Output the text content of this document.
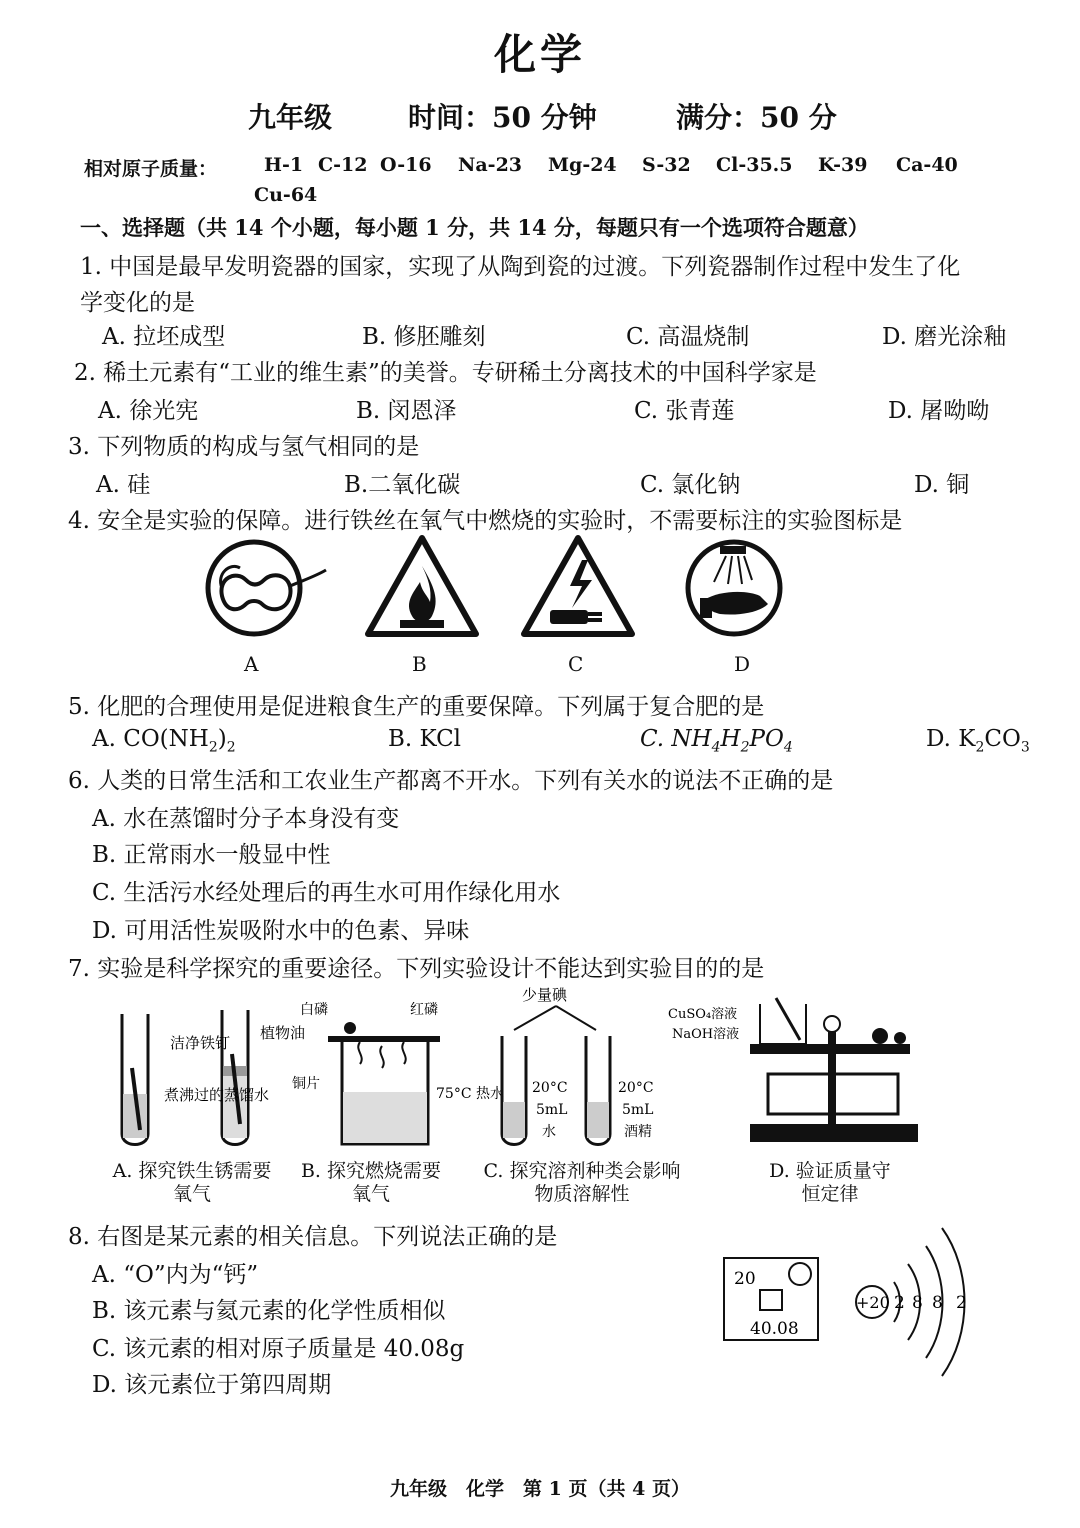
化学
九年级	时间：50 分钟	满分：50 分
相对原子质量： H-1 C-12 O-16 Na-23 Mg-24 S-32 Cl-35.5 K-39 Ca-40
Cu-64
一、选择题（共 14 个小题，每小题 1 分，共 14 分，每题只有一个选项符合题意）
1. 中国是最早发明瓷器的国家，实现了从陶到瓷的过渡。下列瓷器制作过程中发生了化
学变化的是
A. 拉坯成型	B. 修胚雕刻	C. 高温烧制	D. 磨光涂釉
2. 稀土元素有“工业的维生素”的美誉。专研稀土分离技术的中国科学家是
A. 徐光宪	B. 闵恩泽	C. 张青莲	D. 屠呦呦
3. 下列物质的构成与氢气相同的是
A. 硅	B.二氧化碳	C. 氯化钠	D. 铜
4. 安全是实验的保障。进行铁丝在氧气中燃烧的实验时，不需要标注的实验图标是
A	B	C	D
5. 化肥的合理使用是促进粮食生产的重要保障。下列属于复合肥的是
A. $CO(NH_2)_2$	B. KCl	C. $NH_4H_2PO_4$	D. $K_2CO_3$
6. 人类的日常生活和工农业生产都离不开水。下列有关水的说法不正确的是
A. 水在蒸馏时分子本身没有变
B. 正常雨水一般显中性
C. 生活污水经处理后的再生水可用作绿化用水
D. 可用活性炭吸附水中的色素、异味
7. 实验是科学探究的重要途径。下列实验设计不能达到实验目的的是
洁净铁钉
煮沸过的蒸馏水
植物油
白磷	红磷
铜片
75°C 热水
少量碘
20°C
5mL
水
20°C
5mL
酒精
CuSO₄溶液
NaOH溶液
A. 探究铁生锈需要氧气
B. 探究燃烧需要氧气
C. 探究溶剂种类会影响物质溶解性
D. 验证质量守恒定律
8. 右图是某元素的相关信息。下列说法正确的是
A. “O”内为“钙”
B. 该元素与氦元素的化学性质相似
C. 该元素的相对原子质量是 40.08g
D. 该元素位于第四周期
20
40.08
+20 2 8 8 2
九年级　化学　第 1 页（共 4 页）
